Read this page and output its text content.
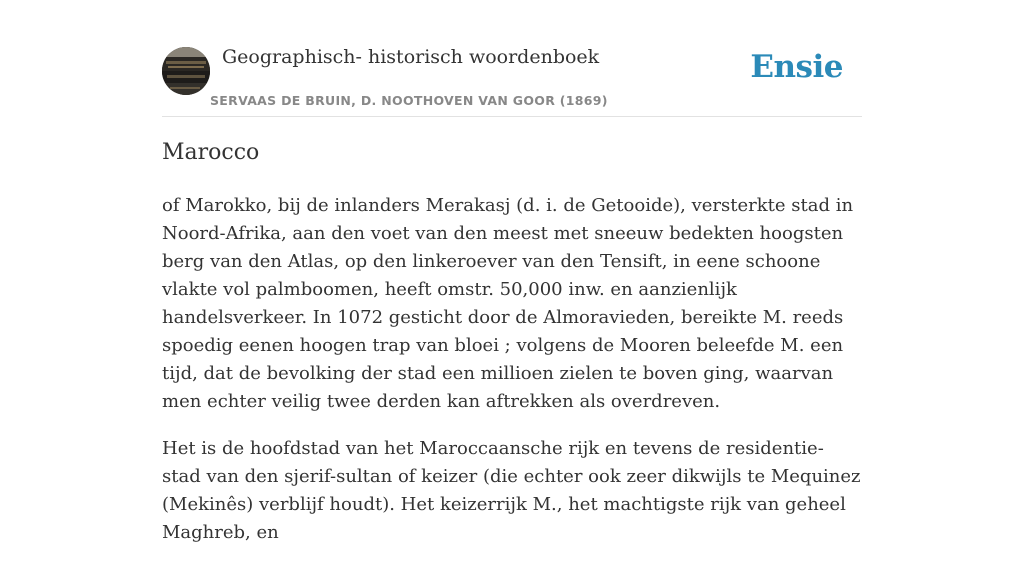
Geographisch- historisch woordenboek
SERVAAS DE BRUIN, D. NOOTHOVEN VAN GOOR (1869)
Ensie
Marocco

of Marokko, bij de inlanders Merakasj (d. i. de Getooide), versterkte stad in Noord-Afrika, aan den voet van den meest met sneeuw bedekten hoogsten berg van den Atlas, op den linkeroever van den Tensift, in eene schoone vlakte vol palmboomen, heeft omstr. 50,000 inw. en aanzienlijk handelsverkeer. In 1072 gesticht door de Almoravieden, bereikte M. reeds spoedig eenen hoogen trap van bloei ; volgens de Mooren beleefde M. een tijd, dat de bevolking der stad een millioen zielen te boven ging, waarvan men echter veilig twee derden kan aftrekken als overdreven.

Het is de hoofdstad van het Maroccaansche rijk en tevens de residentie-stad van den sjerif-sultan of keizer (die echter ook zeer dikwijls te Mequinez (Mekinês) verblijf houdt). Het keizerrijk M., het machtigste rijk van geheel Maghreb, en
